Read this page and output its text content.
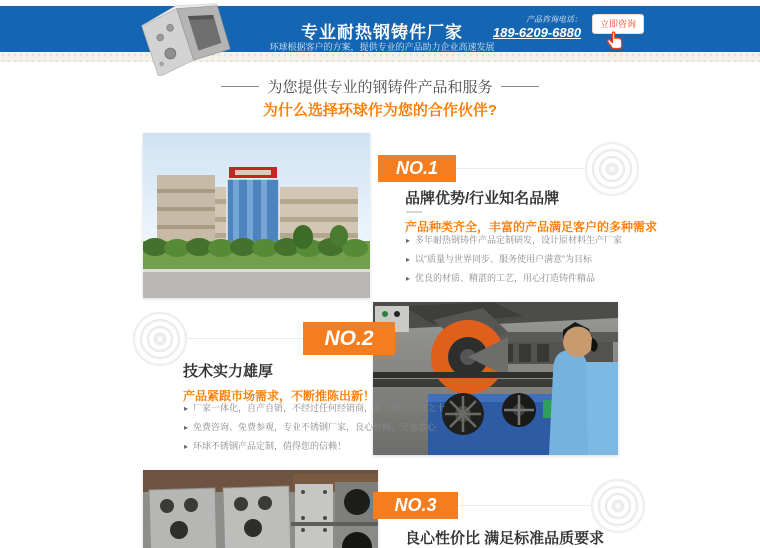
专业耐热钢铸件厂家
环球根据客户的方案，提供专业的产品助力企业高速发展
产品咨询电话：
189-6209-6880
立即咨询
为您提供专业的钢铸件产品和服务
为什么选择环球作为您的合作伙伴?
NO.1
品牌优势/行业知名品牌
产品种类齐全，丰富的产品满足客户的多种需求
▸ 多年耐热钢铸件产品定制研发，设计原材料生产厂家
▸ 以“质量与世界同步、服务使用户满意”为目标
▸ 优良的材质、精湛的工艺，用心打造铸件精品
NO.2
技术实力雄厚
产品紧跟市场需求，不断推陈出新！
▸ 厂家一体化，自产自销，不经过任何经销商，低于同行百分之十
▸ 免费咨询、免费参观，专业不锈钢厂家，良心价格，交易放心
▸ 环球不锈钢产品定制，值得您的信赖！
NO.3
良心性价比 满足标准品质要求
